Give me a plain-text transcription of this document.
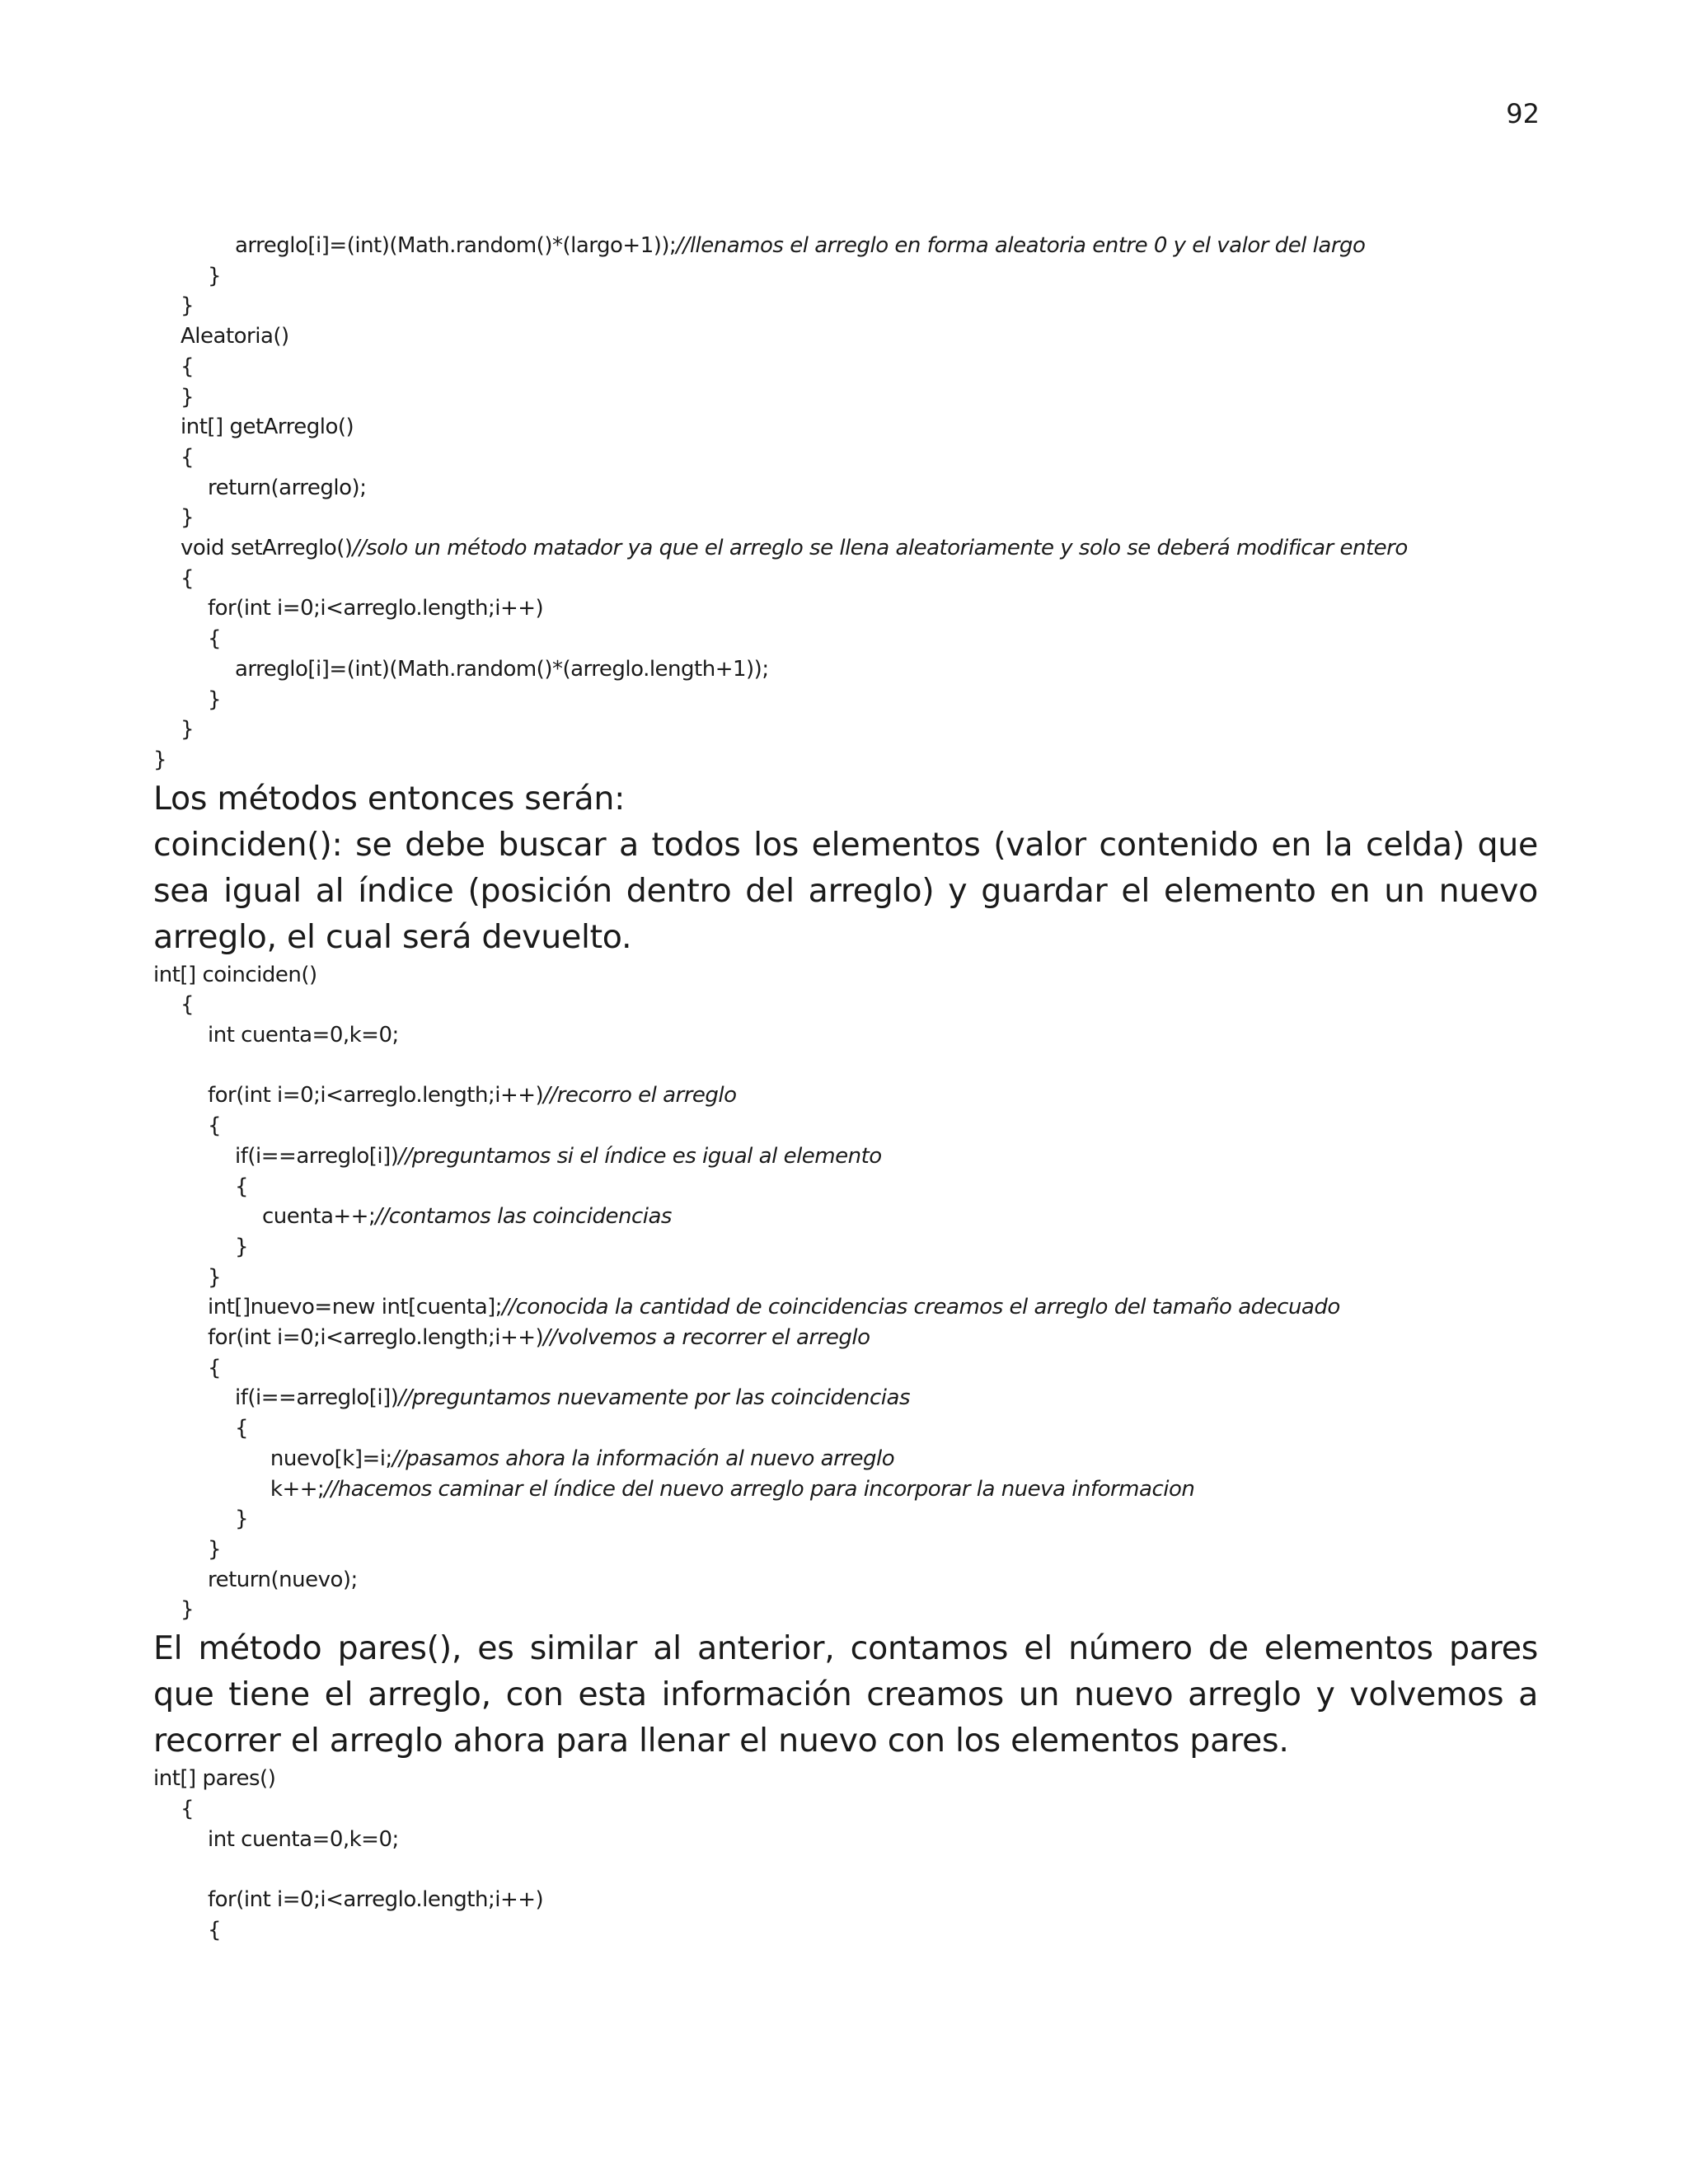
92
arreglo[i]=(int)(Math.random()*(largo+1));//llenamos el arreglo en forma aleatoria entre 0 y el valor del largo
}
}
Aleatoria()
{
}
int[] getArreglo()
{
return(arreglo);
}
void setArreglo()//solo un método matador ya que el arreglo se llena aleatoriamente y solo se deberá modificar entero
{
for(int i=0;i<arreglo.length;i++)
{
arreglo[i]=(int)(Math.random()*(arreglo.length+1));
}
}
}

Los métodos entonces serán:

coinciden(): se debe buscar a todos los elementos (valor contenido en la celda) que sea igual al índice (posición dentro del arreglo) y guardar el elemento en un nuevo arreglo, el cual será devuelto.

int[] coinciden()
{
int cuenta=0,k=0;
for(int i=0;i<arreglo.length;i++)//recorro el arreglo
{
if(i==arreglo[i])//preguntamos si el índice es igual al elemento
{
cuenta++;//contamos las coincidencias
}
}
int[]nuevo=new int[cuenta];//conocida la cantidad de coincidencias creamos el arreglo del tamaño adecuado
for(int i=0;i<arreglo.length;i++)//volvemos a recorrer el arreglo
{
if(i==arreglo[i])//preguntamos nuevamente por las coincidencias
{
nuevo[k]=i;//pasamos ahora la información al nuevo arreglo
k++;//hacemos caminar el índice del nuevo arreglo para incorporar la nueva informacion
}
}
return(nuevo);
}

El método pares(), es similar al anterior, contamos el número de elementos pares que tiene el arreglo, con esta información creamos un nuevo arreglo y volvemos a recorrer el arreglo ahora para llenar el nuevo con los elementos pares.

int[] pares()
{
int cuenta=0,k=0;
for(int i=0;i<arreglo.length;i++)
{
